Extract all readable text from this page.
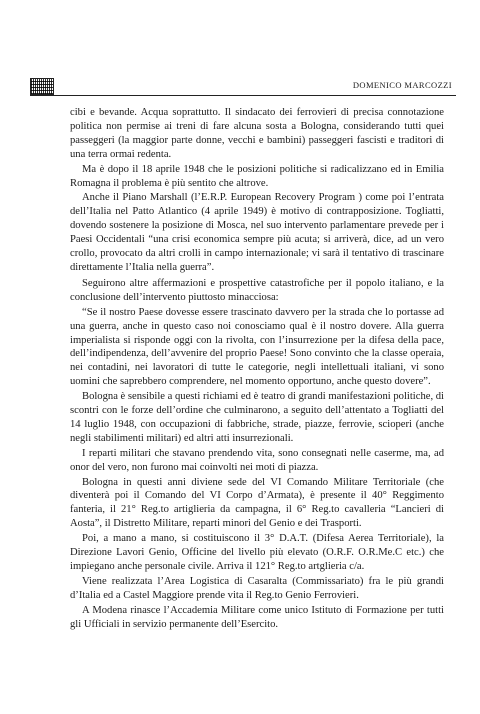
DOMENICO MARCOZZI

cibi e bevande. Acqua soprattutto. Il sindacato dei ferrovieri di precisa connotazione politica non permise ai treni di fare alcuna sosta a Bologna, considerando tutti quei passeggeri (la maggior parte donne, vecchi e bambini) passeggeri fascisti e traditori di una terra ormai redenta.

Ma è dopo il 18 aprile 1948 che le posizioni politiche si radicalizzano ed in Emilia Romagna il problema è più sentito che altrove.

Anche il Piano Marshall (l’E.R.P. European Recovery Program ) come poi l’entrata dell’Italia nel Patto Atlantico (4 aprile 1949) è motivo di contrapposizione. Togliatti, dovendo sostenere la posizione di Mosca, nel suo intervento parlamentare prevede per i Paesi Occidentali “una crisi economica sempre più acuta; si arriverà, dice, ad un vero crollo, provocato da altri crolli in campo internazionale; vi sarà il tentativo di trascinare direttamente l’Italia nella guerra”.

Seguirono altre affermazioni e prospettive catastrofiche per il popolo italiano, e la conclusione dell’intervento piuttosto minacciosa:

“Se il nostro Paese dovesse essere trascinato davvero per la strada che lo portasse ad una guerra, anche in questo caso noi conosciamo qual è il nostro dovere. Alla guerra imperialista si risponde oggi con la rivolta, con l’insurrezione per la difesa della pace, dell’indipendenza, dell’avvenire del proprio Paese! Sono convinto che la classe operaia, nei contadini, nei lavoratori di tutte le categorie, negli intellettuali italiani, vi sono uomini che saprebbero comprendere, nel momento opportuno, anche questo dovere”.

Bologna è sensibile a questi richiami ed è teatro di grandi manifestazioni politiche, di scontri con le forze dell’ordine che culminarono, a seguito dell’attentato a Togliatti del 14 luglio 1948, con occupazioni di fabbriche, strade, piazze, ferrovie, scioperi (anche negli stabilimenti militari) ed altri atti insurrezionali.

I reparti militari che stavano prendendo vita, sono consegnati nelle caserme, ma, ad onor del vero, non furono mai coinvolti nei moti di piazza.

Bologna in questi anni diviene sede del VI Comando Militare Territoriale (che diventerà poi il Comando del VI Corpo d’Armata), è presente il 40° Reggimento fanteria, il 21° Reg.to artiglieria da campagna, il 6° Reg.to cavalleria “Lancieri di Aosta”, il Distretto Militare, reparti minori del Genio e dei Trasporti.

Poi, a mano a mano, si costituiscono il 3° D.A.T. (Difesa Aerea Territoriale), la Direzione Lavori Genio, Officine del livello più elevato (O.R.F. O.R.Me.C etc.) che impiegano anche personale civile. Arriva il 121° Reg.to artglieria c/a.

Viene realizzata l’Area Logistica di Casaralta (Commissariato) fra le più grandi d’Italia ed a Castel Maggiore prende vita il Reg.to Genio Ferrovieri.

A Modena rinasce l’Accademia Militare come unico Istituto di Formazione per tutti gli Ufficiali in servizio permanente dell’Esercito.
